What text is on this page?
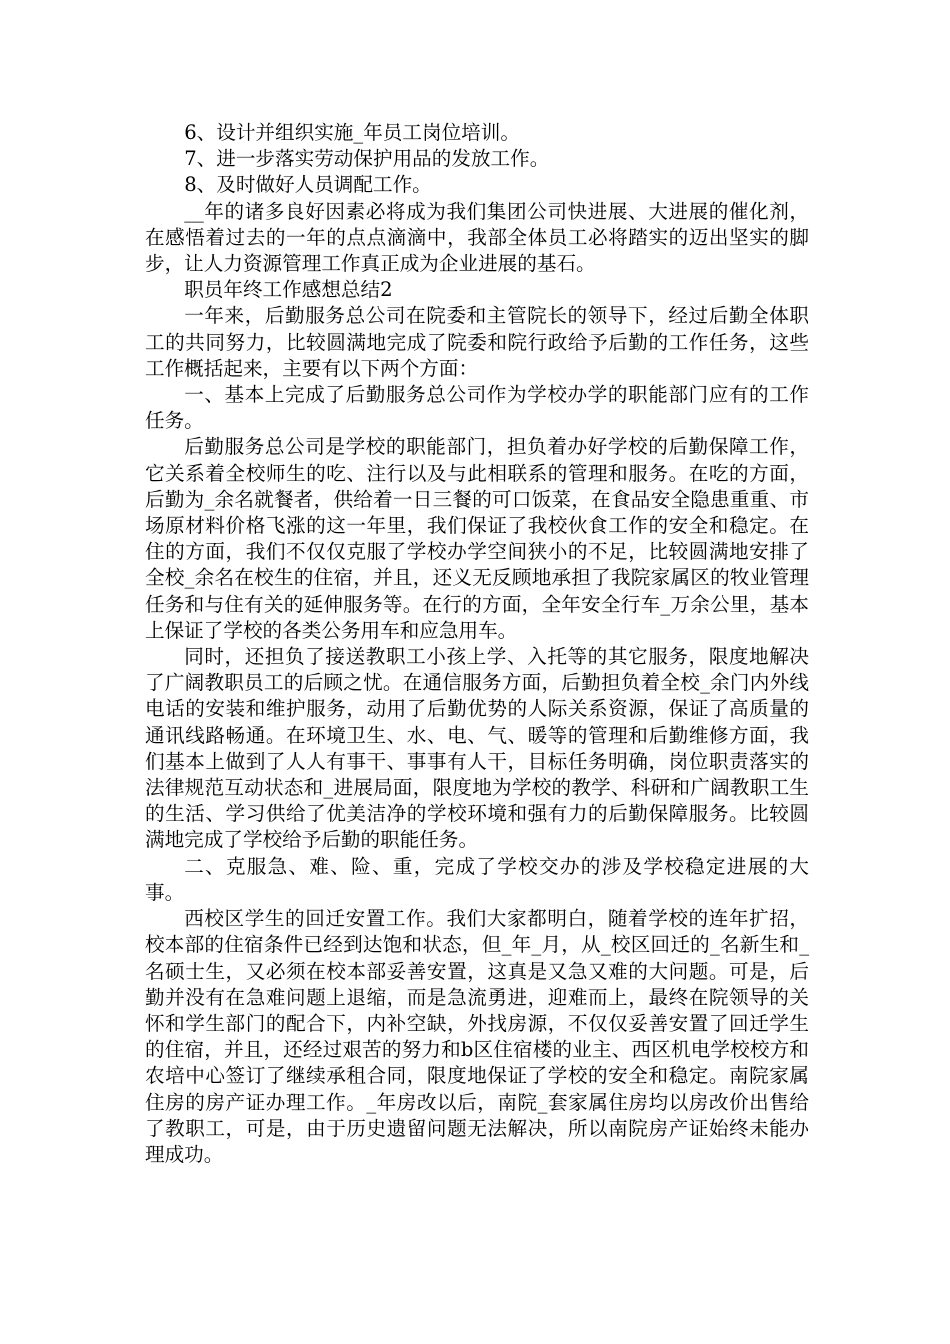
6、设计并组织实施_年员工岗位培训。

7、进一步落实劳动保护用品的发放工作。

8、及时做好人员调配工作。

__年的诸多良好因素必将成为我们集团公司快进展、大进展的催化剂，在感悟着过去的一年的点点滴滴中，我部全体员工必将踏实的迈出坚实的脚步，让人力资源管理工作真正成为企业进展的基石。

职员年终工作感想总结2

一年来，后勤服务总公司在院委和主管院长的领导下，经过后勤全体职工的共同努力，比较圆满地完成了院委和院行政给予后勤的工作任务，这些工作概括起来，主要有以下两个方面：

一、基本上完成了后勤服务总公司作为学校办学的职能部门应有的工作任务。

后勤服务总公司是学校的职能部门，担负着办好学校的后勤保障工作，它关系着全校师生的吃、注行以及与此相联系的管理和服务。在吃的方面，后勤为_余名就餐者，供给着一日三餐的可口饭菜，在食品安全隐患重重、市场原材料价格飞涨的这一年里，我们保证了我校伙食工作的安全和稳定。在住的方面，我们不仅仅克服了学校办学空间狭小的不足，比较圆满地安排了全校_余名在校生的住宿，并且，还义无反顾地承担了我院家属区的牧业管理任务和与住有关的延伸服务等。在行的方面，全年安全行车_万余公里，基本上保证了学校的各类公务用车和应急用车。

同时，还担负了接送教职工小孩上学、入托等的其它服务，限度地解决了广阔教职员工的后顾之忧。在通信服务方面，后勤担负着全校_余门内外线电话的安装和维护服务，动用了后勤优势的人际关系资源，保证了高质量的通讯线路畅通。在环境卫生、水、电、气、暖等的管理和后勤维修方面，我们基本上做到了人人有事干、事事有人干，目标任务明确，岗位职责落实的法律规范互动状态和_进展局面，限度地为学校的教学、科研和广阔教职工生的生活、学习供给了优美洁净的学校环境和强有力的后勤保障服务。比较圆满地完成了学校给予后勤的职能任务。

二、克服急、难、险、重，完成了学校交办的涉及学校稳定进展的大事。

西校区学生的回迁安置工作。我们大家都明白，随着学校的连年扩招，校本部的住宿条件已经到达饱和状态，但_年_月，从_校区回迁的_名新生和_名硕士生，又必须在校本部妥善安置，这真是又急又难的大问题。可是，后勤并没有在急难问题上退缩，而是急流勇进，迎难而上，最终在院领导的关怀和学生部门的配合下，内补空缺，外找房源，不仅仅妥善安置了回迁学生的住宿，并且，还经过艰苦的努力和b区住宿楼的业主、西区机电学校校方和农培中心签订了继续承租合同，限度地保证了学校的安全和稳定。南院家属住房的房产证办理工作。_年房改以后，南院_套家属住房均以房改价出售给了教职工，可是，由于历史遗留问题无法解决，所以南院房产证始终未能办理成功。
